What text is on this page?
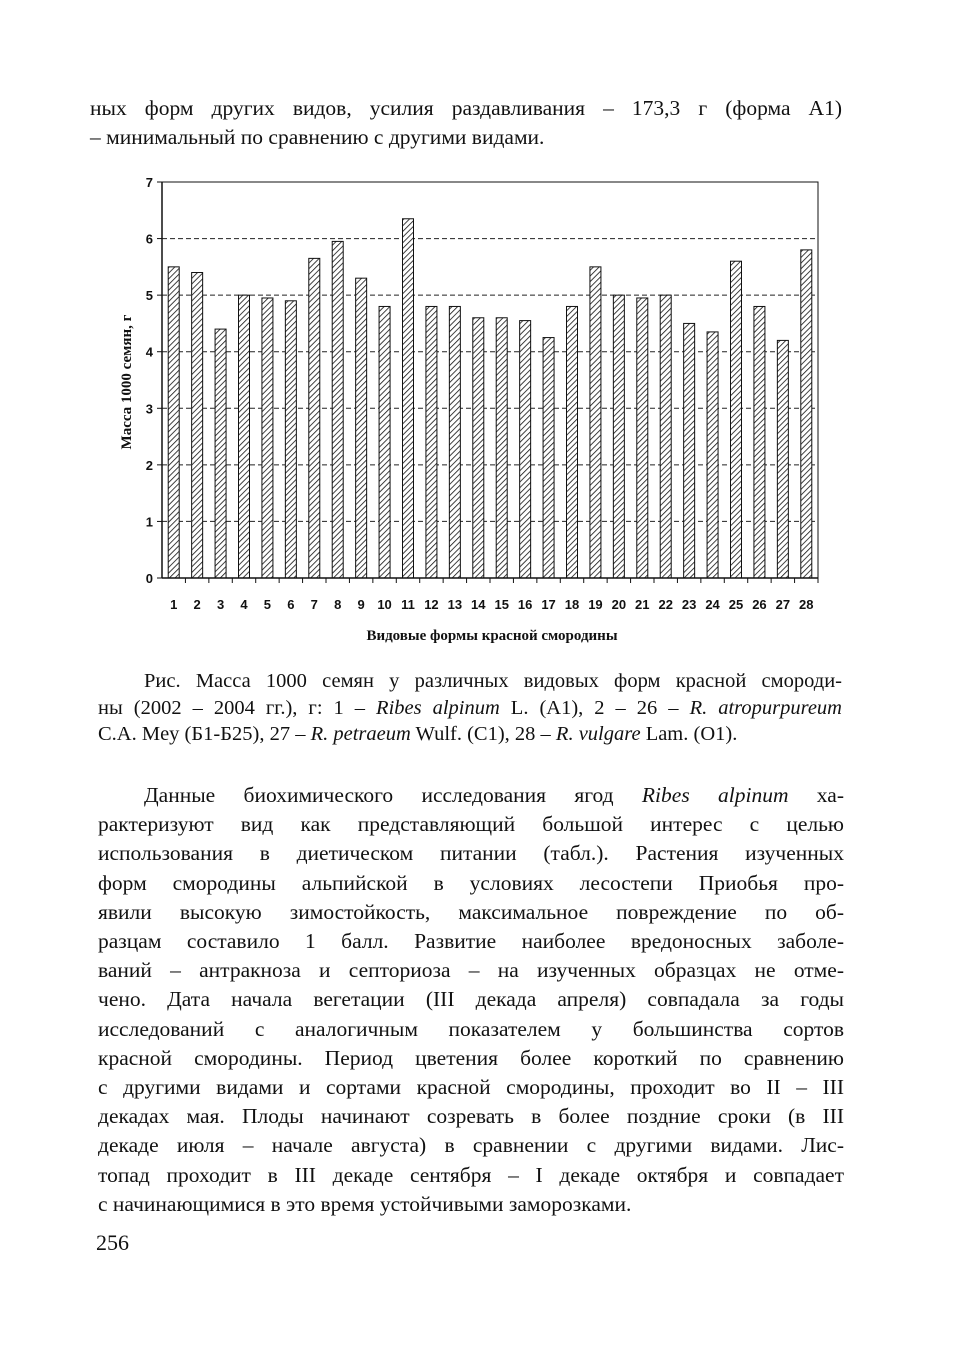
ных форм других видов, усилия раздавливания – 173,3 г (форма А1)
– минимальный по сравнению с другими видами.

0
1
2
3
4
5
6
7
1 2 3 4 5 6 7 8 9 10 11 12 13 14 15 16 17 18 19 20 21 22 23 24 25 26 27 28
Масса 1000 семян, г
Видовые формы красной смородины
Рис. Масса 1000 семян у различных видовых форм красной смороди-
ны (2002 – 2004 гг.), г: 1 – Ribes alpinum L. (A1), 2 – 26 – R. atropurpureum
C.A. Mey (Б1-Б25), 27 – R. petraeum Wulf. (C1), 28 – R. vulgare Lam. (O1).
Данные биохимического исследования ягод Ribes alpinum ха-
рактеризуют вид как представляющий большой интерес с целью
использования в диетическом питании (табл.). Растения изученных
форм смородины альпийской в условиях лесостепи Приобья про-
явили высокую зимостойкость, максимальное повреждение по об-
разцам составило 1 балл. Развитие наиболее вредоносных заболе-
ваний – антракноза и септориоза – на изученных образцах не отме-
чено. Дата начала вегетации (III декада апреля) совпадала за годы
исследований с аналогичным показателем у большинства сортов
красной смородины. Период цветения более короткий по сравнению
с другими видами и сортами красной смородины, проходит во II – III
декадах мая. Плоды начинают созревать в более поздние сроки (в III
декаде июля – начале августа) в сравнении с другими видами. Лис-
топад проходит в III декаде сентября – I декаде октября и совпадает
с начинающимися в это время устойчивыми заморозками.

256
